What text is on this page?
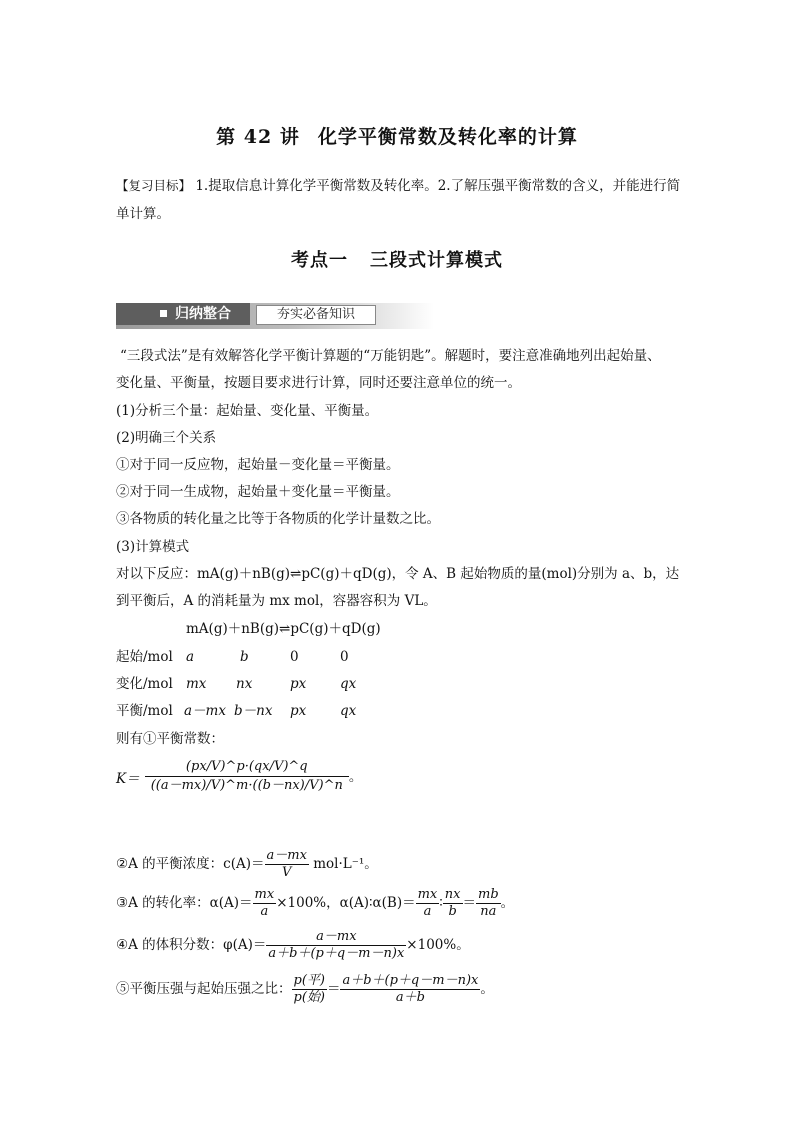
第 42 讲 化学平衡常数及转化率的计算
【复习目标】 1.提取信息计算化学平衡常数及转化率。2.了解压强平衡常数的含义，并能进行简单计算。
考点一 三段式计算模式
归纳整合	夯实必备知识
“三段式法”是有效解答化学平衡计算题的“万能钥匙”。解题时，要注意准确地列出起始量、
变化量、平衡量，按题目要求进行计算，同时还要注意单位的统一。
(1)分析三个量：起始量、变化量、平衡量。
(2)明确三个关系
①对于同一反应物，起始量－变化量＝平衡量。
②对于同一生成物，起始量＋变化量＝平衡量。
③各物质的转化量之比等于各物质的化学计量数之比。
(3)计算模式
对以下反应：mA(g)＋nB(g)⇌pC(g)＋qD(g)，令 A、B 起始物质的量(mol)分别为 a、b，达
到平衡后，A 的消耗量为 mx mol，容器容积为 VL。
mA(g)＋nB(g)⇌pC(g)＋qD(g)
起始/mol a	b	0	0
变化/mol mx nx	px qx
平衡/mol a－mx b－nx px qx
则有①平衡常数：
$K= \frac{(px/V)\^{}p\cdot(qx/V)\^{}q}{((a-mx)/V)\^{}m\cdot((b-nx)/V)\^{}n}$ 。
②A 的平衡浓度：$c(A)= \frac{a-mx}{V} mol\cdot L^{-1}$。
③A 的转化率：$\alpha(A)= \frac{mx}{a} \times 100\%$，α(A)∶α(B)＝ $\frac{mx}{a}$ ∶ $\frac{nx}{b} = \frac{mb}{na}$ 。
④A 的体积分数：$\varphi(A)= \frac{a-mx}{a+b+(p+q-m-n)x} \times 100\%$。
⑤平衡压强与起始压强之比： $\frac{\text{p(平)}}{\text{p(始)}} = \frac{a+b+(p+q-m-n)x}{a+b}$ 。
